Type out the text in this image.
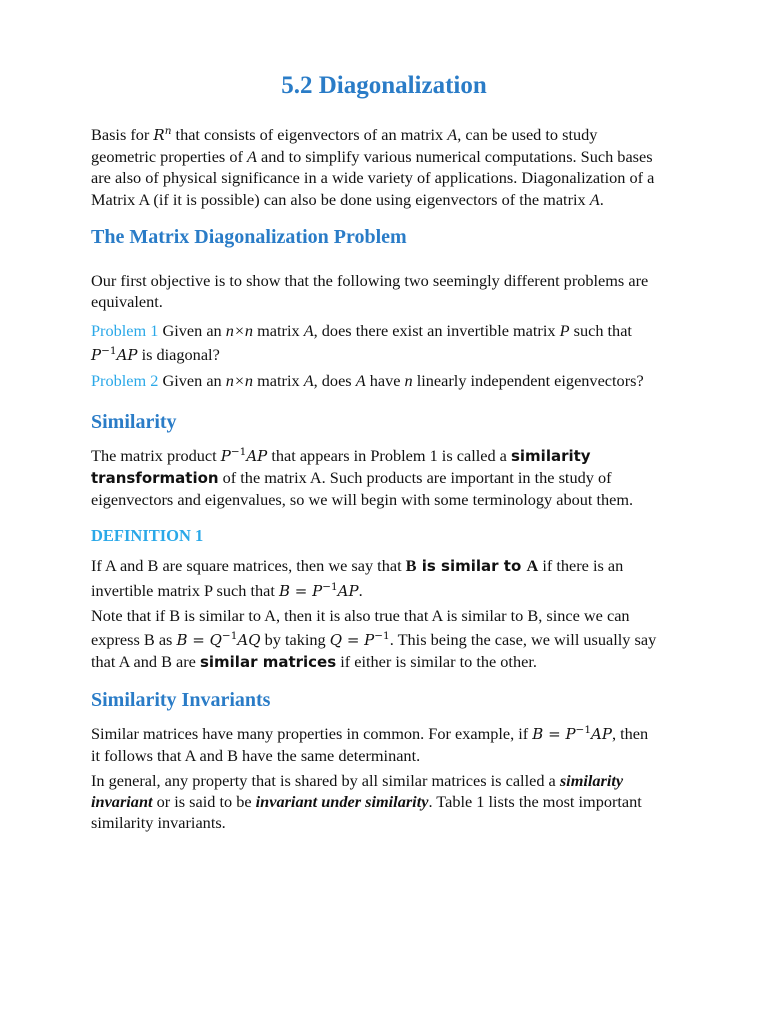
5.2 Diagonalization
Basis for $R^n$ that consists of eigenvectors of an matrix A, can be used to study
geometric properties of A and to simplify various numerical computations. Such bases
are also of physical significance in a wide variety of applications. Diagonalization of a
Matrix A (if it is possible) can also be done using eigenvectors of the matrix A.
The Matrix Diagonalization Problem
Our first objective is to show that the following two seemingly different problems are
equivalent.
Problem 1 Given an n×n matrix A, does there exist an invertible matrix P such that
$P^{-1}AP$ is diagonal?
Problem 2 Given an n×n matrix A, does A have n linearly independent eigenvectors?
Similarity
The matrix product $P^{-1}AP$ that appears in Problem 1 is called a similarity
transformation of the matrix A. Such products are important in the study of
eigenvectors and eigenvalues, so we will begin with some terminology about them.
DEFINITION 1
If A and B are square matrices, then we say that B is similar to A if there is an
invertible matrix P such that $B = P^{-1}AP$.
Note that if B is similar to A, then it is also true that A is similar to B, since we can
express B as $B = Q^{-1}AQ$ by taking $Q = P^{-1}$. This being the case, we will usually say
that A and B are similar matrices if either is similar to the other.
Similarity Invariants
Similar matrices have many properties in common. For example, if $B = P^{-1}AP$, then
it follows that A and B have the same determinant.
In general, any property that is shared by all similar matrices is called a similarity
invariant or is said to be invariant under similarity. Table 1 lists the most important
similarity invariants.
